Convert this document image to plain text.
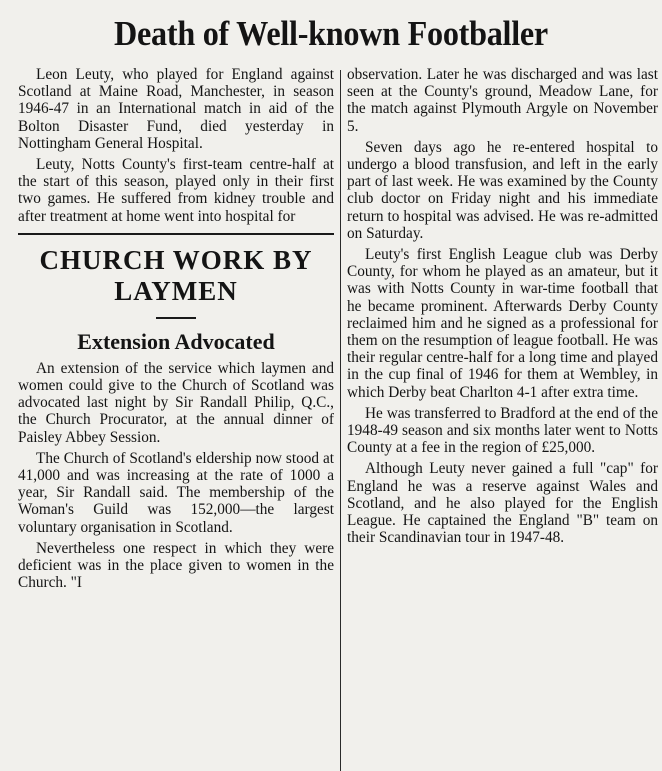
Death of Well-known Footballer

Leon Leuty, who played for England against Scotland at Maine Road, Manchester, in season 1946-47 in an International match in aid of the Bolton Disaster Fund, died yesterday in Nottingham General Hospital.

Leuty, Notts County's first-team centre-half at the start of this season, played only in their first two games. He suffered from kidney trouble and after treatment at home went into hospital for

CHURCH WORK BY LAYMEN
Extension Advocated

An extension of the service which laymen and women could give to the Church of Scotland was advocated last night by Sir Randall Philip, Q.C., the Church Procurator, at the annual dinner of Paisley Abbey Session.

The Church of Scotland's eldership now stood at 41,000 and was increasing at the rate of 1000 a year, Sir Randall said. The membership of the Woman's Guild was 152,000—the largest voluntary organisation in Scotland.

Nevertheless one respect in which they were deficient was in the place given to women in the Church. "I

observation. Later he was discharged and was last seen at the County's ground, Meadow Lane, for the match against Plymouth Argyle on November 5.

Seven days ago he re-entered hospital to undergo a blood transfusion, and left in the early part of last week. He was examined by the County club doctor on Friday night and his immediate return to hospital was advised. He was re-admitted on Saturday.

Leuty's first English League club was Derby County, for whom he played as an amateur, but it was with Notts County in war-time football that he became prominent. Afterwards Derby County reclaimed him and he signed as a professional for them on the resumption of league football. He was their regular centre-half for a long time and played in the cup final of 1946 for them at Wembley, in which Derby beat Charlton 4-1 after extra time.

He was transferred to Bradford at the end of the 1948-49 season and six months later went to Notts County at a fee in the region of £25,000.

Although Leuty never gained a full "cap" for England he was a reserve against Wales and Scotland, and he also played for the English League. He captained the England "B" team on their Scandinavian tour in 1947-48.
